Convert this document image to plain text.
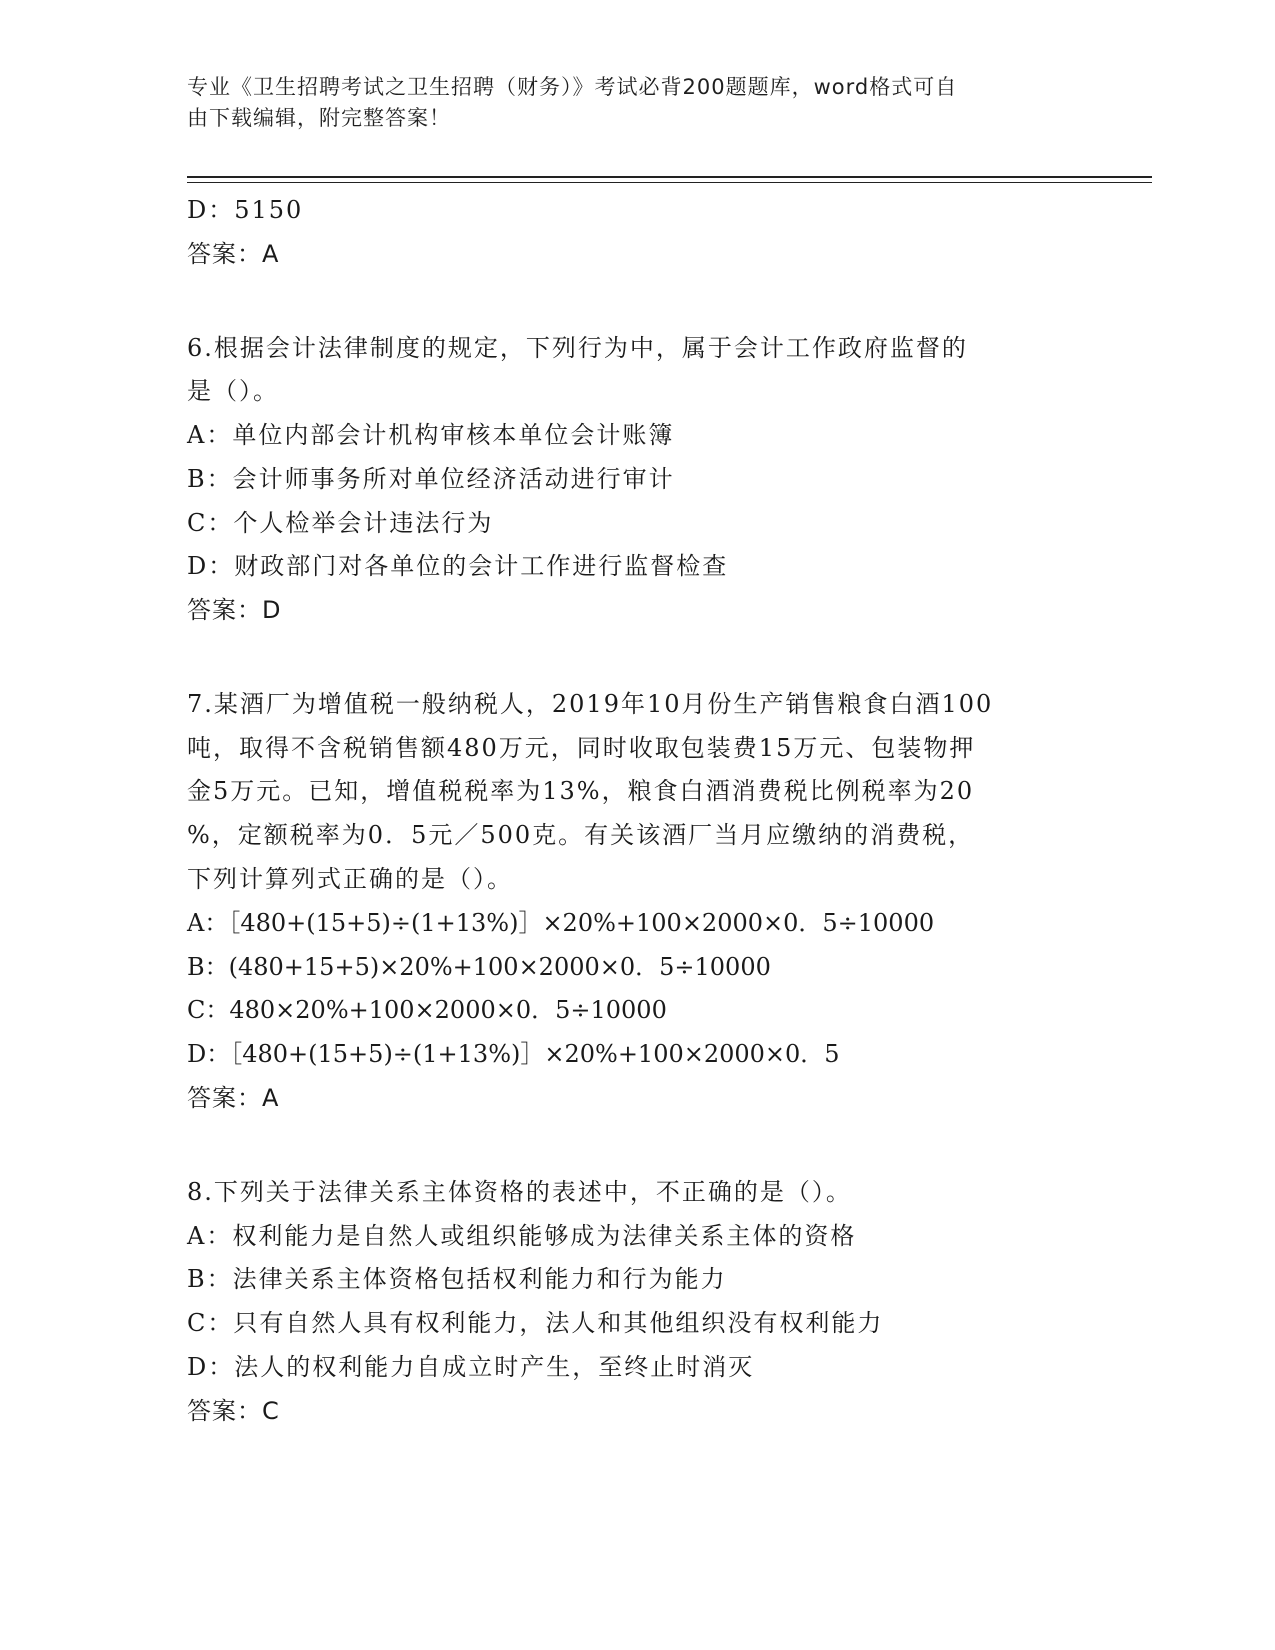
专业《卫生招聘考试之卫生招聘（财务）》考试必背200题题库，word格式可自
由下载编辑，附完整答案！
D：5150
答案：A
6.根据会计法律制度的规定，下列行为中，属于会计工作政府监督的
是（）。
A：单位内部会计机构审核本单位会计账簿
B：会计师事务所对单位经济活动进行审计
C：个人检举会计违法行为
D：财政部门对各单位的会计工作进行监督检查
答案：D
7.某酒厂为增值税一般纳税人，2019年10月份生产销售粮食白酒100
吨，取得不含税销售额480万元，同时收取包装费15万元、包装物押
金5万元。已知，增值税税率为13%，粮食白酒消费税比例税率为20
%，定额税率为0．5元／500克。有关该酒厂当月应缴纳的消费税，
下列计算列式正确的是（）。
A：［480+(15+5)÷(1+13%)］×20%+100×2000×0．5÷10000
B：(480+15+5)×20%+100×2000×0．5÷10000
C：480×20%+100×2000×0．5÷10000
D：［480+(15+5)÷(1+13%)］×20%+100×2000×0．5
答案：A
8.下列关于法律关系主体资格的表述中，不正确的是（）。
A：权利能力是自然人或组织能够成为法律关系主体的资格
B：法律关系主体资格包括权利能力和行为能力
C：只有自然人具有权利能力，法人和其他组织没有权利能力
D：法人的权利能力自成立时产生，至终止时消灭
答案：C
